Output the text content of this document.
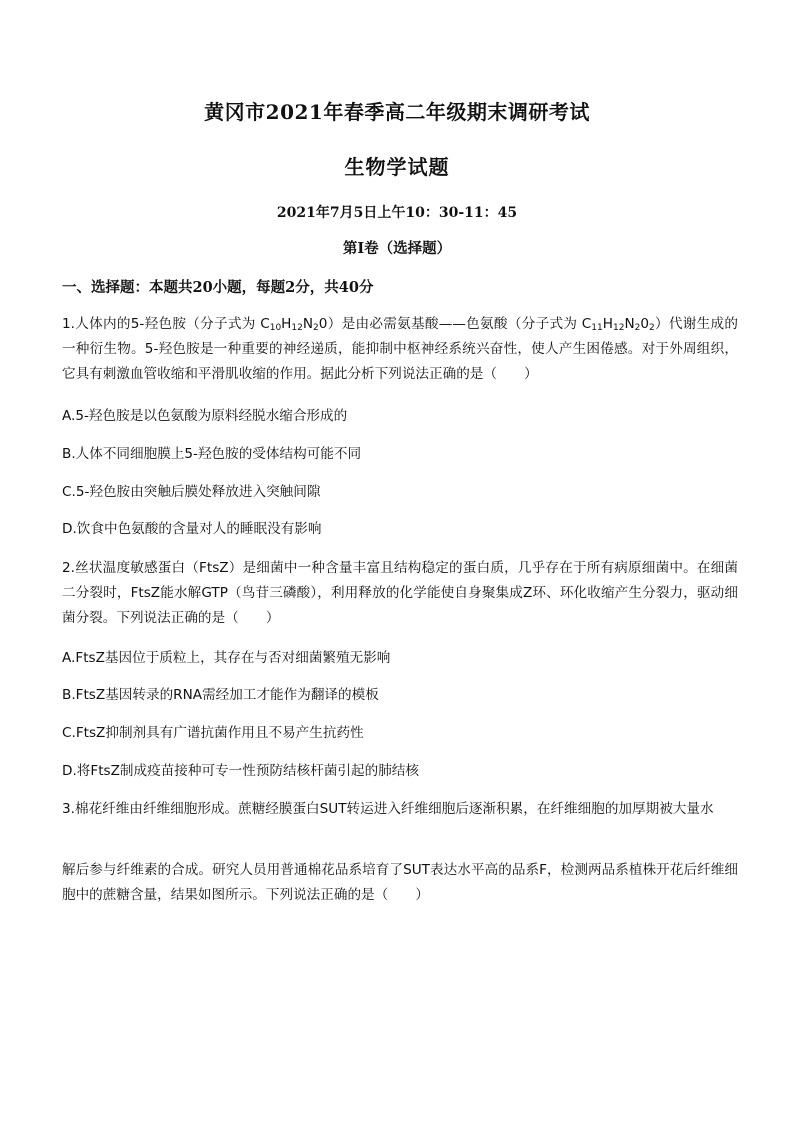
黄冈市2021年春季高二年级期末调研考试
生物学试题
2021年7月5日上午10：30-11：45
第Ⅰ卷（选择题）
一、选择题：本题共20小题，每题2分，共40分
1.人体内的5-羟色胺（分子式为 $C_{10}H_{12}N_20$）是由必需氨基酸——色氨酸（分子式为 $C_{11}H_{12}N_20_2$）代谢生成的一种衍生物。5-羟色胺是一种重要的神经递质，能抑制中枢神经系统兴奋性，使人产生困倦感。对于外周组织，它具有刺激血管收缩和平滑肌收缩的作用。据此分析下列说法正确的是（　　）
A.5-羟色胺是以色氨酸为原料经脱水缩合形成的
B.人体不同细胞膜上5-羟色胺的受体结构可能不同
C.5-羟色胺由突触后膜处释放进入突触间隙
D.饮食中色氨酸的含量对人的睡眠没有影响
2.丝状温度敏感蛋白（FtsZ）是细菌中一种含量丰富且结构稳定的蛋白质，几乎存在于所有病原细菌中。在细菌二分裂时，FtsZ能水解GTP（鸟苷三磷酸），利用释放的化学能使自身聚集成Z环、环化收缩产生分裂力，驱动细菌分裂。下列说法正确的是（　　）
A.FtsZ基因位于质粒上，其存在与否对细菌繁殖无影响
B.FtsZ基因转录的RNA需经加工才能作为翻译的模板
C.FtsZ抑制剂具有广谱抗菌作用且不易产生抗药性
D.将FtsZ制成疫苗接种可专一性预防结核杆菌引起的肺结核
3.棉花纤维由纤维细胞形成。蔗糖经膜蛋白SUT转运进入纤维细胞后逐渐积累，在纤维细胞的加厚期被大量水
解后参与纤维素的合成。研究人员用普通棉花品系培育了SUT表达水平高的品系F，检测两品系植株开花后纤维细胞中的蔗糖含量，结果如图所示。下列说法正确的是（　　）
